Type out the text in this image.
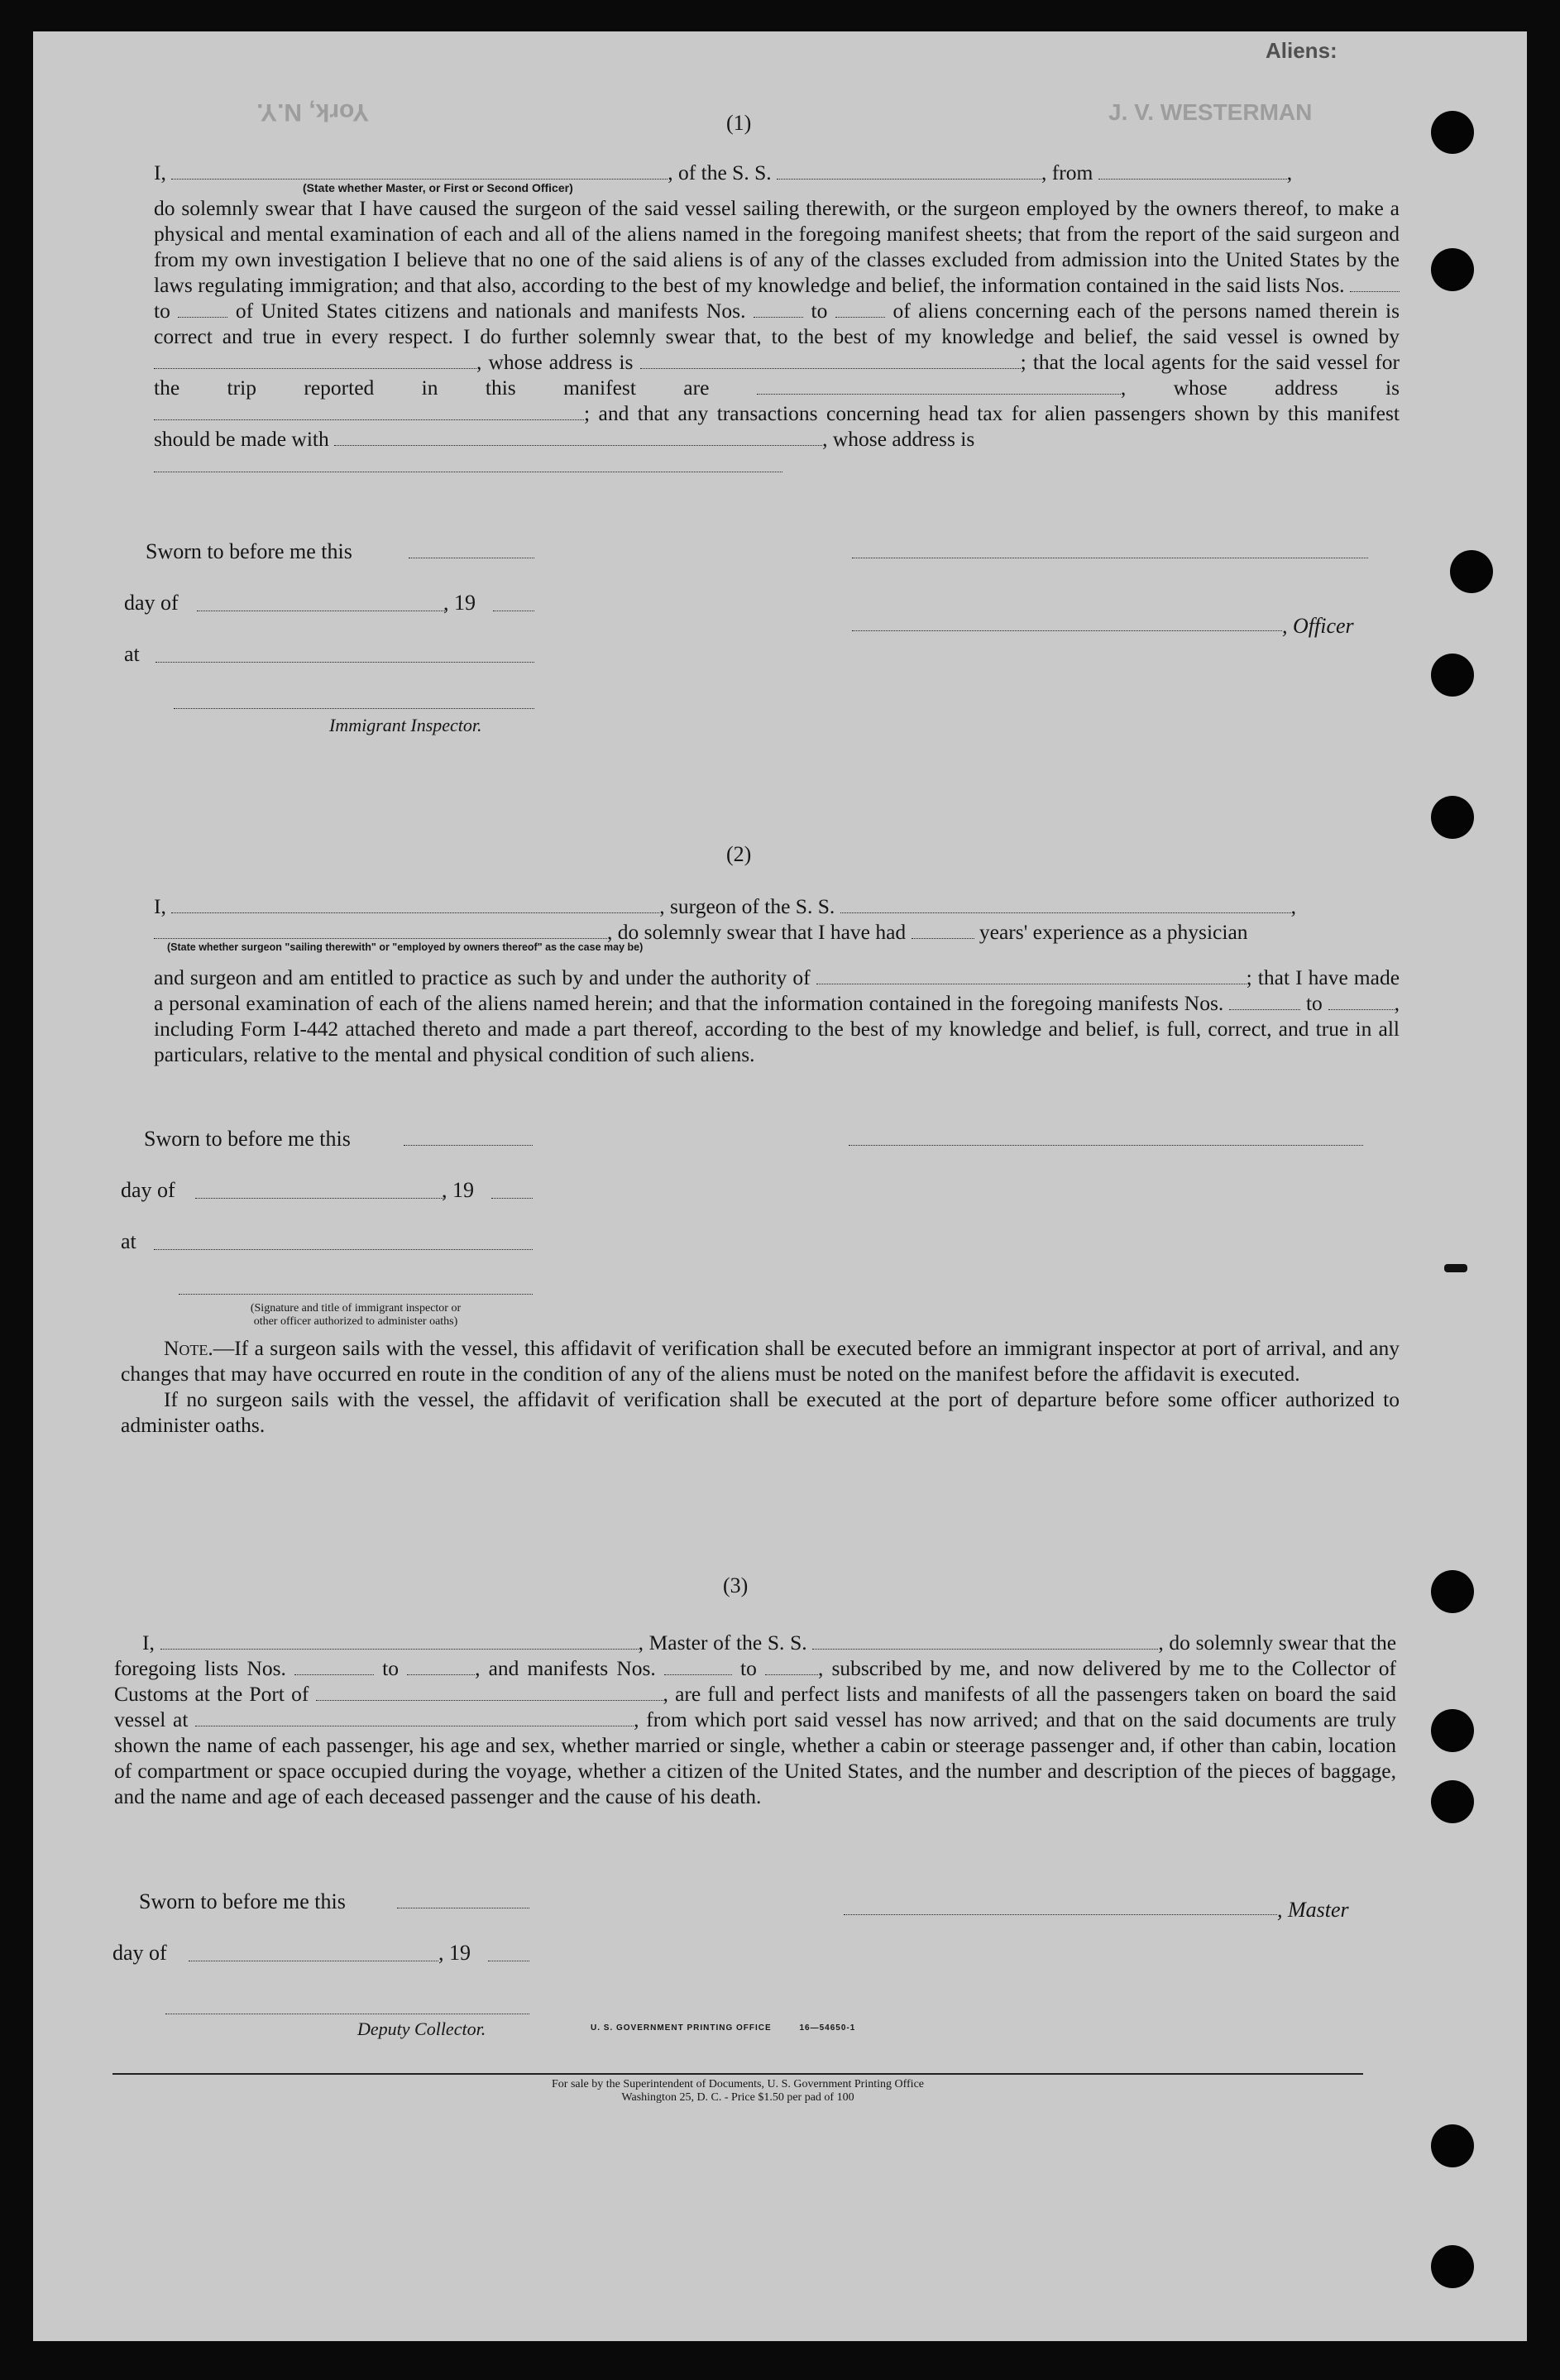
York, N.Y.
Aliens:
J. V. WESTERMAN
(1)

I,	, of the S. S.	, from	,

(State whether Master, or First or Second Officer)

do solemnly swear that I have caused the surgeon of the said vessel sailing therewith, or the surgeon employed by the owners thereof, to make a physical and mental examination of each and all of the aliens named in the foregoing manifest sheets; that from the report of the said surgeon and from my own investigation I believe that no one of the said aliens is of any of the classes excluded from admission into the United States by the laws regulating immigration; and that also, according to the best of my knowledge and belief, the information contained in the said lists Nos.  to	of United States citizens and nationals and manifests Nos.	to	of aliens concerning each of the persons named therein is correct and true in every respect. I do further solemnly swear that, to the best of my knowledge and belief, the said vessel is owned by , whose address is	; that the local agents for the said vessel for the trip reported in this manifest are	, whose address is ; and that any transactions concerning head tax for alien passengers shown by this manifest should be made with	, whose address is

Sworn to before me this
day of	, 19
, Officer
at
Immigrant Inspector.
(2)

I,	, surgeon of the S. S.	,

, do solemnly swear that I have had	years' experience as a physician

(State whether surgeon "sailing therewith" or "employed by owners thereof" as the case may be)

and surgeon and am entitled to practice as such by and under the authority of	; that I have made a personal examination of each of the aliens named herein; and that the information contained in the foregoing manifests Nos.	to	, including Form I-442 attached thereto and made a part thereof, according to the best of my knowledge and belief, is full, correct, and true in all particulars, relative to the mental and physical condition of such aliens.

Sworn to before me this
day of	, 19
at
(Signature and title of immigrant inspector or
other officer authorized to administer oaths)

Note.—If a surgeon sails with the vessel, this affidavit of verification shall be executed before an immigrant inspector at port of arrival, and any changes that may have occurred en route in the condition of any of the aliens must be noted on the manifest before the affidavit is executed.

If no surgeon sails with the vessel, the affidavit of verification shall be executed at the port of departure before some officer authorized to administer oaths.

(3)

I,	, Master of the S. S.	, do solemnly swear that the foregoing lists Nos.	to	, and manifests Nos.	to	, subscribed by me, and now delivered by me to the Collector of Customs at the Port of	, are full and perfect lists and manifests of all the passengers taken on board the said vessel at	, from which port said vessel has now arrived; and that on the said documents are truly shown the name of each passenger, his age and sex, whether married or single, whether a cabin or steerage passenger and, if other than cabin, location of compartment or space occupied during the voyage, whether a citizen of the United States, and the number and description of the pieces of baggage, and the name and age of each deceased passenger and the cause of his death.

Sworn to before me this	, Master
day of	, 19
Deputy Collector.	U. S. GOVERNMENT PRINTING OFFICE	16—54650-1
For sale by the Superintendent of Documents, U. S. Government Printing Office
Washington 25, D. C. - Price $1.50 per pad of 100
